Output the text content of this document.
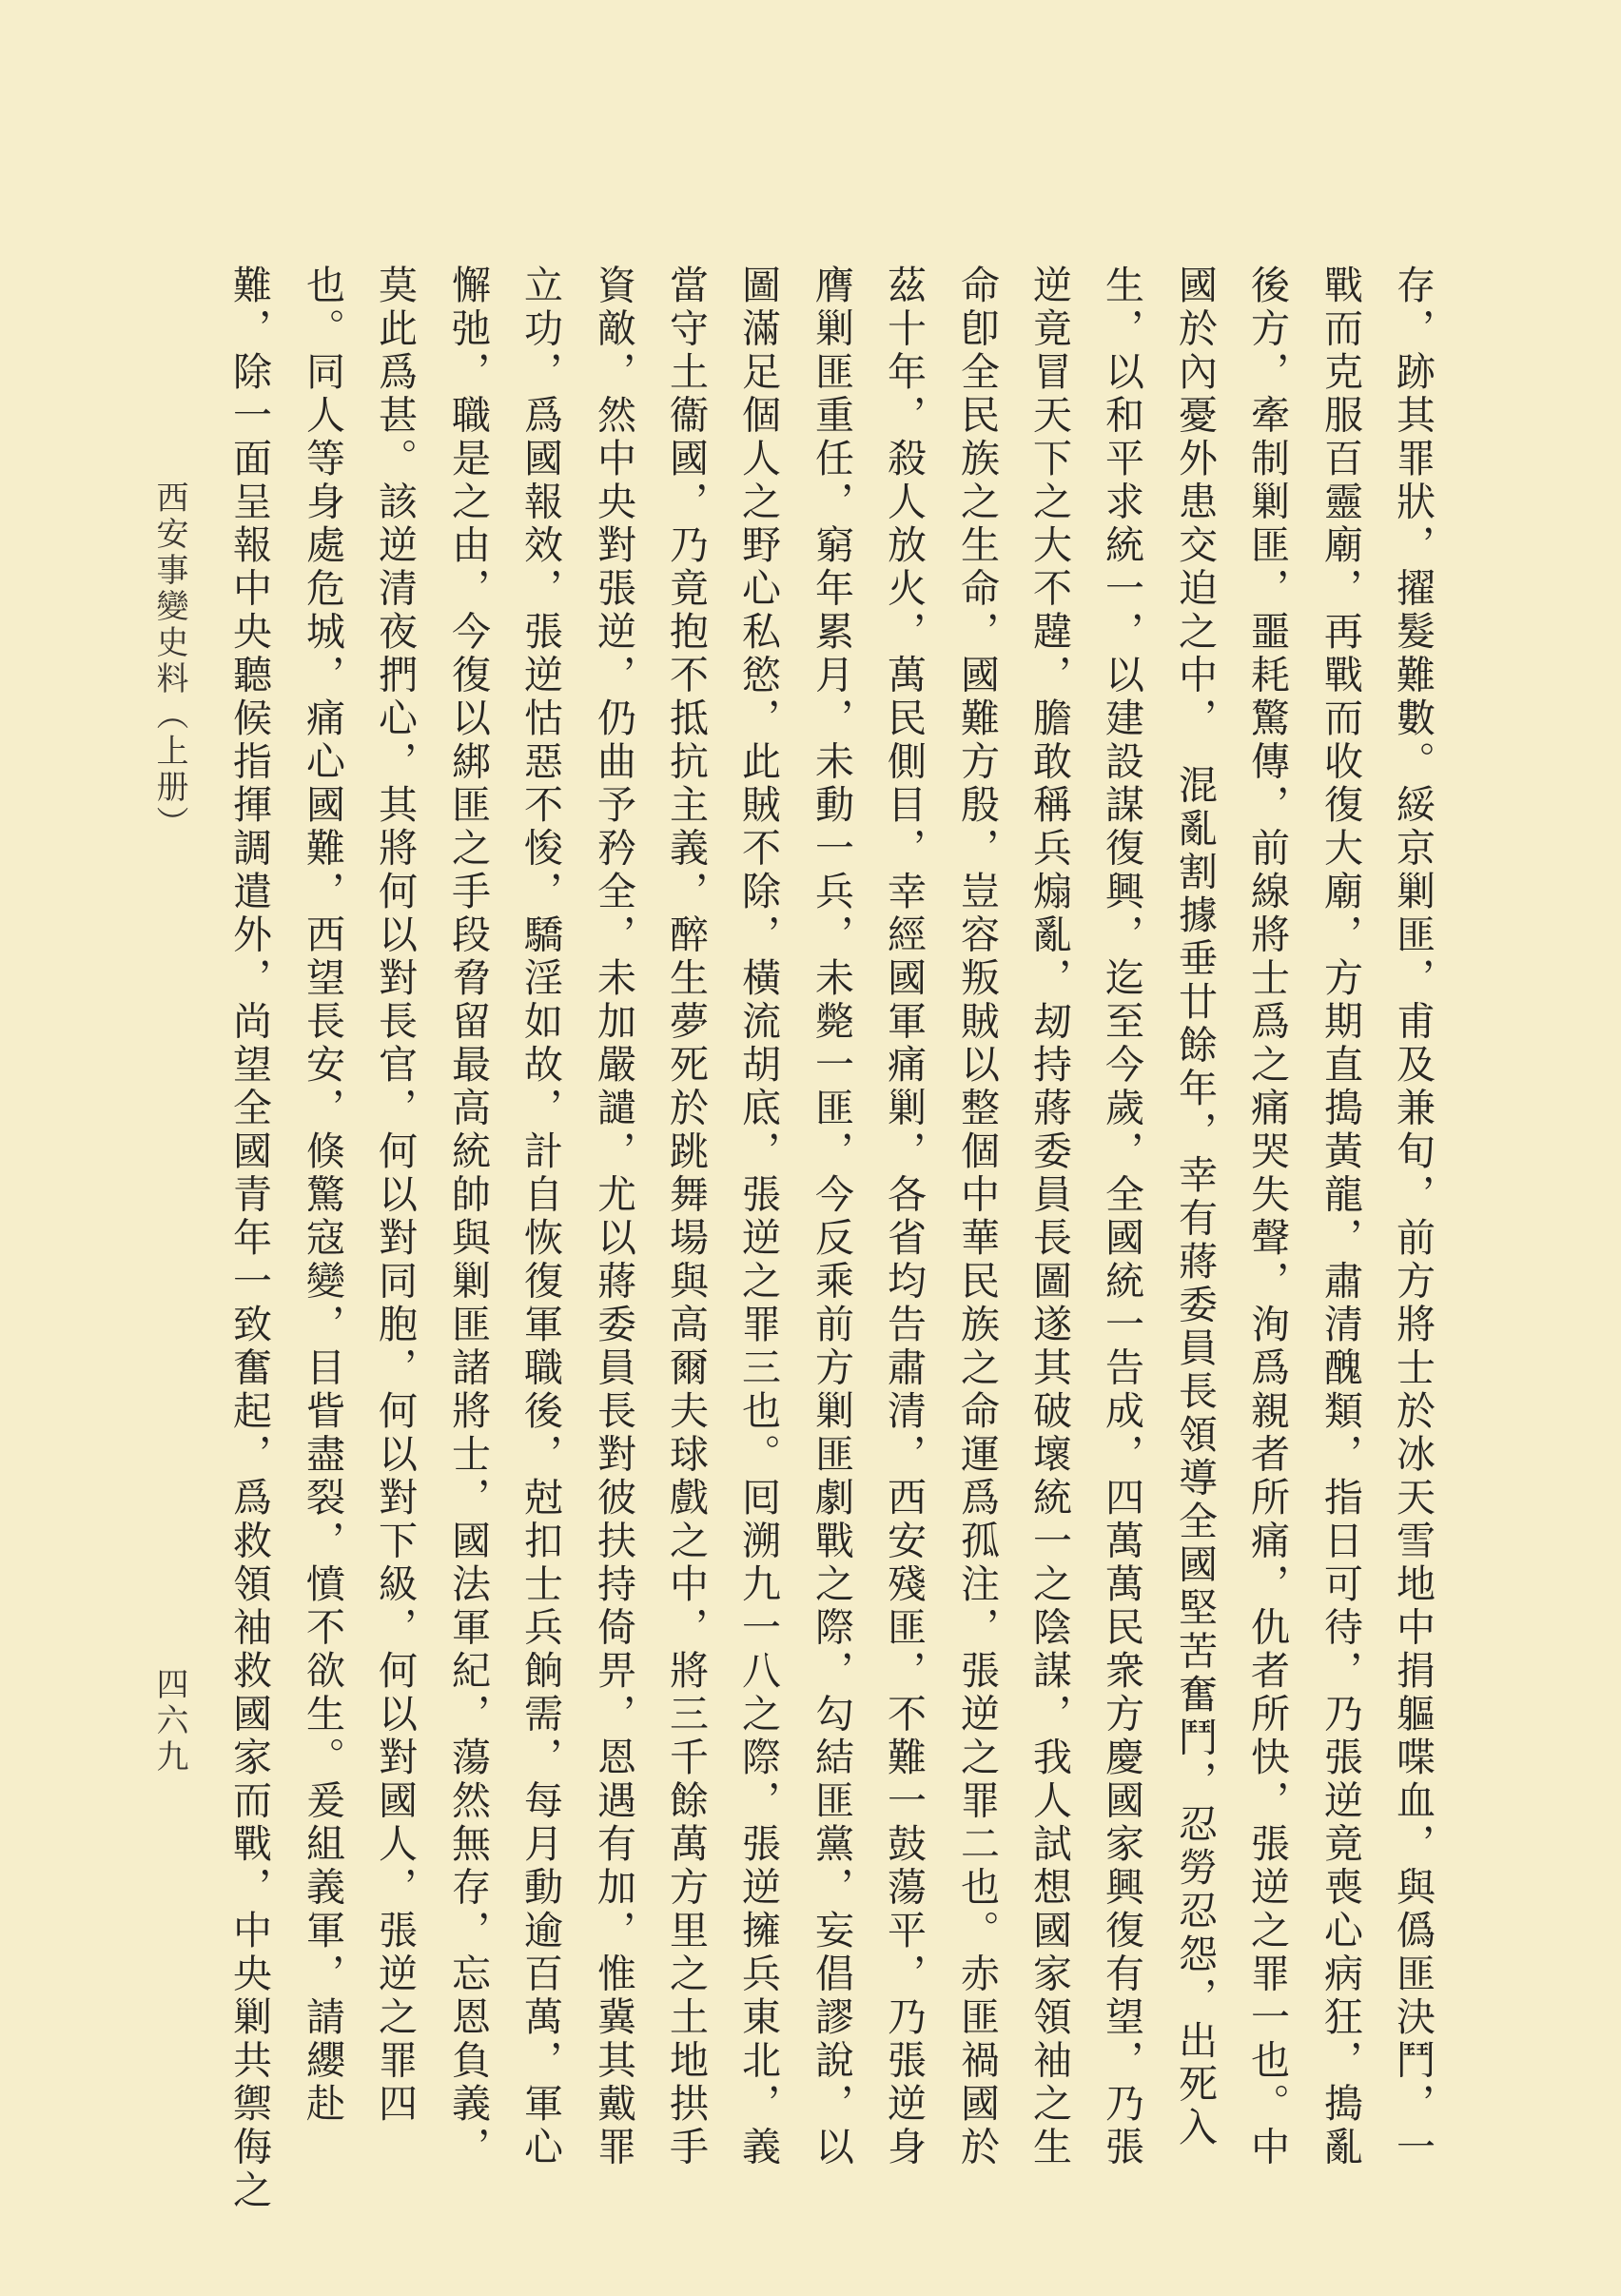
存，跡其罪狀，擢髮難數。綏京剿匪，甫及兼旬，前方將士於冰天雪地中捐軀喋血，與僞匪決鬥，一
戰而克服百靈廟，再戰而收復大廟，方期直搗黃龍，肅清醜類，指日可待，乃張逆竟喪心病狂，搗亂
後方，牽制剿匪，噩耗驚傳，前線將士爲之痛哭失聲，洵爲親者所痛，仇者所快，張逆之罪一也。中
國於內憂外患交迫之中，　混亂割據垂廿餘年，幸有蔣委員長領導全國堅苦奮鬥，忍勞忍怨，出死入
生，以和平求統一，以建設謀復興，迄至今歲，全國統一告成，四萬萬民衆方慶國家興復有望，乃張
逆竟冒天下之大不韙，膽敢稱兵煽亂，刼持蔣委員長圖遂其破壞統一之陰謀，我人試想國家領袖之生
命卽全民族之生命，國難方殷，豈容叛賊以整個中華民族之命運爲孤注，張逆之罪二也。赤匪禍國於
茲十年，殺人放火，萬民側目，幸經國軍痛剿，各省均告肅清，西安殘匪，不難一鼓蕩平，乃張逆身
膺剿匪重任，窮年累月，未動一兵，未斃一匪，今反乘前方剿匪劇戰之際，勾結匪黨，妄倡謬說，以
圖滿足個人之野心私慾，此賊不除，橫流胡底，張逆之罪三也。囘溯九一八之際，張逆擁兵東北，義
當守土衞國，乃竟抱不抵抗主義，醉生夢死於跳舞場與高爾夫球戲之中，將三千餘萬方里之土地拱手
資敵，然中央對張逆，仍曲予矜全，未加嚴譴，尤以蔣委員長對彼扶持倚畀，恩遇有加，惟冀其戴罪
立功，爲國報效，張逆怙惡不悛，驕淫如故，計自恢復軍職後，尅扣士兵餉需，每月動逾百萬，軍心
懈弛，職是之由，今復以綁匪之手段脅留最高統帥與剿匪諸將士，國法軍紀，蕩然無存，忘恩負義，
莫此爲甚。該逆清夜捫心，其將何以對長官，何以對同胞，何以對下級，何以對國人，張逆之罪四
也。同人等身處危城，痛心國難，西望長安，倏驚寇變，目眥盡裂，憤不欲生。爰組義軍，請纓赴
難，除一面呈報中央聽候指揮調遣外，尚望全國青年一致奮起，爲救領袖救國家而戰，中央剿共禦侮之
西安事變史料（上册）
四六九
